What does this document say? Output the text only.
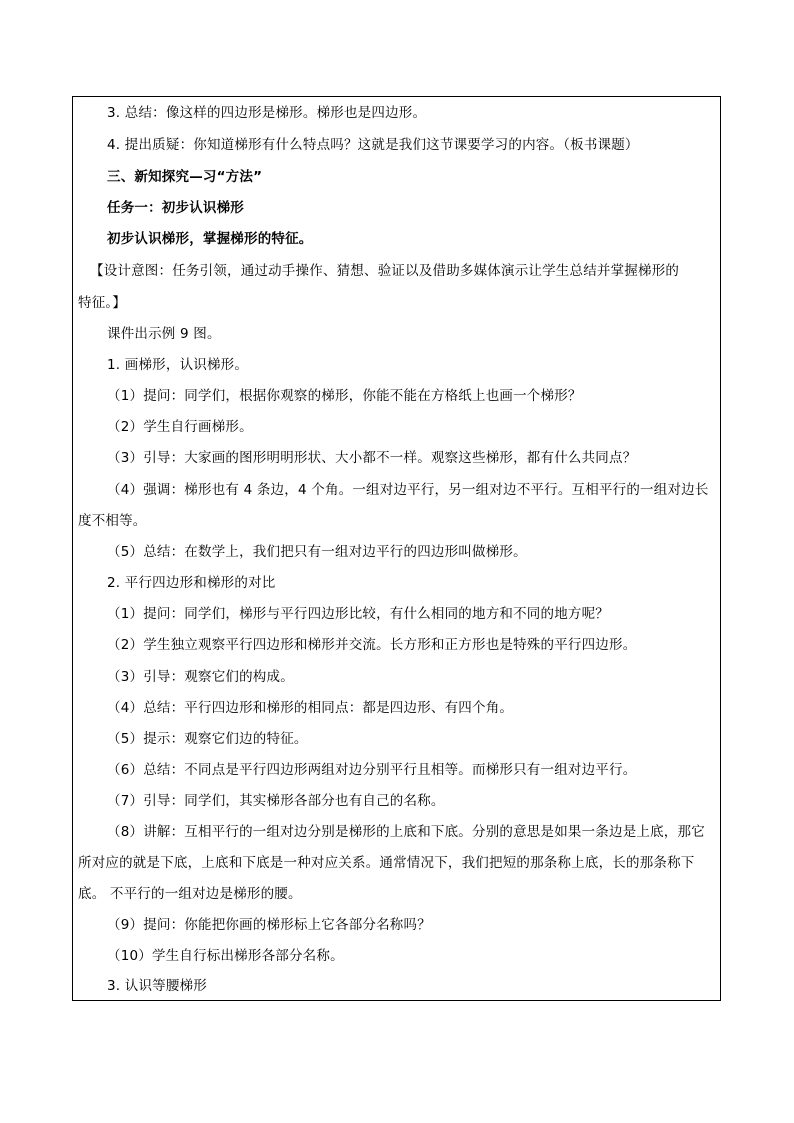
3. 总结：像这样的四边形是梯形。梯形也是四边形。
4. 提出质疑：你知道梯形有什么特点吗？这就是我们这节课要学习的内容。（板书课题）
三、新知探究—习“方法”
任务一：初步认识梯形
初步认识梯形，掌握梯形的特征。
【设计意图：任务引领，通过动手操作、猜想、验证以及借助多媒体演示让学生总结并掌握梯形的
特征。】
课件出示例 9 图。
1. 画梯形，认识梯形。
（1）提问：同学们，根据你观察的梯形，你能不能在方格纸上也画一个梯形？
（2）学生自行画梯形。
（3）引导：大家画的图形明明形状、大小都不一样。观察这些梯形，都有什么共同点？
（4）强调：梯形也有 4 条边，4 个角。一组对边平行，另一组对边不平行。互相平行的一组对边长
度不相等。
（5）总结：在数学上，我们把只有一组对边平行的四边形叫做梯形。
2. 平行四边形和梯形的对比
（1）提问：同学们，梯形与平行四边形比较，有什么相同的地方和不同的地方呢？
（2）学生独立观察平行四边形和梯形并交流。长方形和正方形也是特殊的平行四边形。
（3）引导：观察它们的构成。
（4）总结：平行四边形和梯形的相同点：都是四边形、有四个角。
（5）提示：观察它们边的特征。
（6）总结：不同点是平行四边形两组对边分别平行且相等。而梯形只有一组对边平行。
（7）引导：同学们，其实梯形各部分也有自己的名称。
（8）讲解：互相平行的一组对边分别是梯形的上底和下底。分别的意思是如果一条边是上底，那它
所对应的就是下底，上底和下底是一种对应关系。通常情况下，我们把短的那条称上底，长的那条称下
底。 不平行的一组对边是梯形的腰。
（9）提问：你能把你画的梯形标上它各部分名称吗？
（10）学生自行标出梯形各部分名称。
3. 认识等腰梯形
